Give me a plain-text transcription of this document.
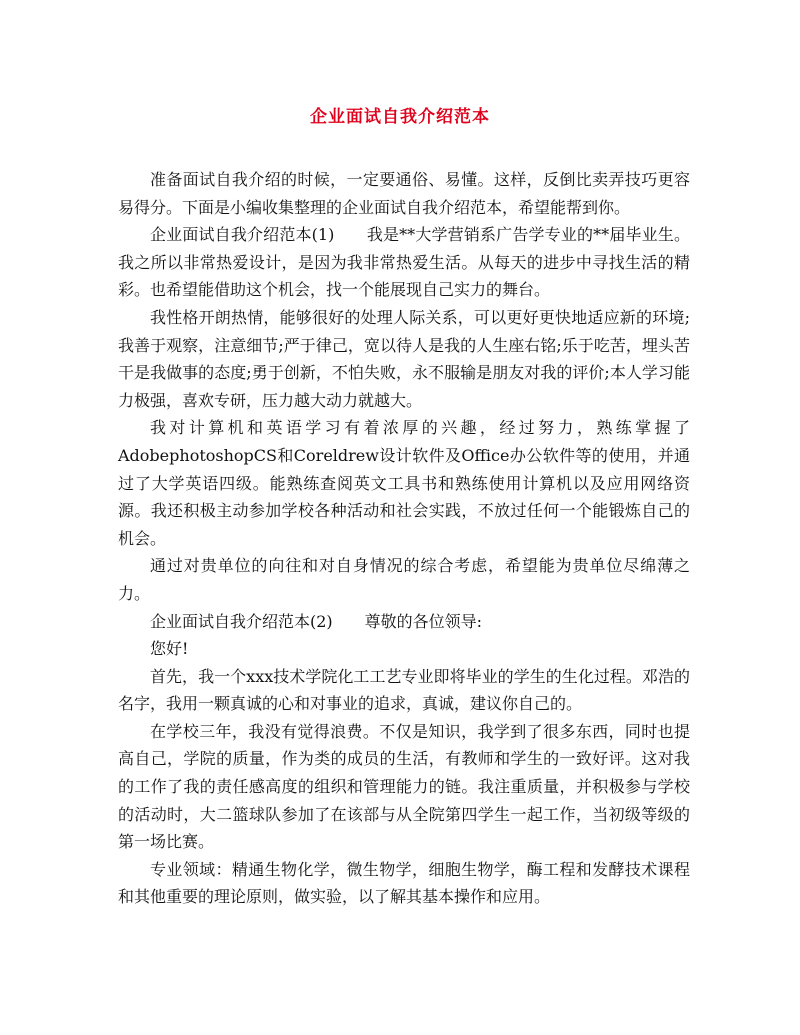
企业面试自我介绍范本

准备面试自我介绍的时候，一定要通俗、易懂。这样，反倒比卖弄技巧更容易得分。下面是小编收集整理的企业面试自我介绍范本，希望能帮到你。

企业面试自我介绍范本(1)　　我是**大学营销系广告学专业的**届毕业生。我之所以非常热爱设计，是因为我非常热爱生活。从每天的进步中寻找生活的精彩。也希望能借助这个机会，找一个能展现自己实力的舞台。

我性格开朗热情，能够很好的处理人际关系，可以更好更快地适应新的环境;我善于观察，注意细节;严于律己，宽以待人是我的人生座右铭;乐于吃苦，埋头苦干是我做事的态度;勇于创新，不怕失败，永不服输是朋友对我的评价;本人学习能力极强，喜欢专研，压力越大动力就越大。

我对计算机和英语学习有着浓厚的兴趣，经过努力，熟练掌握了AdobephotoshopCS和Coreldrew设计软件及Office办公软件等的使用，并通过了大学英语四级。能熟练查阅英文工具书和熟练使用计算机以及应用网络资源。我还积极主动参加学校各种活动和社会实践，不放过任何一个能锻炼自己的机会。

通过对贵单位的向往和对自身情况的综合考虑，希望能为贵单位尽绵薄之力。

企业面试自我介绍范本(2)　　尊敬的各位领导:

您好!

首先，我一个xxx技术学院化工工艺专业即将毕业的学生的生化过程。邓浩的名字，我用一颗真诚的心和对事业的追求，真诚，建议你自己的。

在学校三年，我没有觉得浪费。不仅是知识，我学到了很多东西，同时也提高自己，学院的质量，作为类的成员的生活，有教师和学生的一致好评。这对我的工作了我的责任感高度的组织和管理能力的链。我注重质量，并积极参与学校的活动时，大二篮球队参加了在该部与从全院第四学生一起工作，当初级等级的第一场比赛。

专业领域：精通生物化学，微生物学，细胞生物学，酶工程和发酵技术课程和其他重要的理论原则，做实验，以了解其基本操作和应用。
